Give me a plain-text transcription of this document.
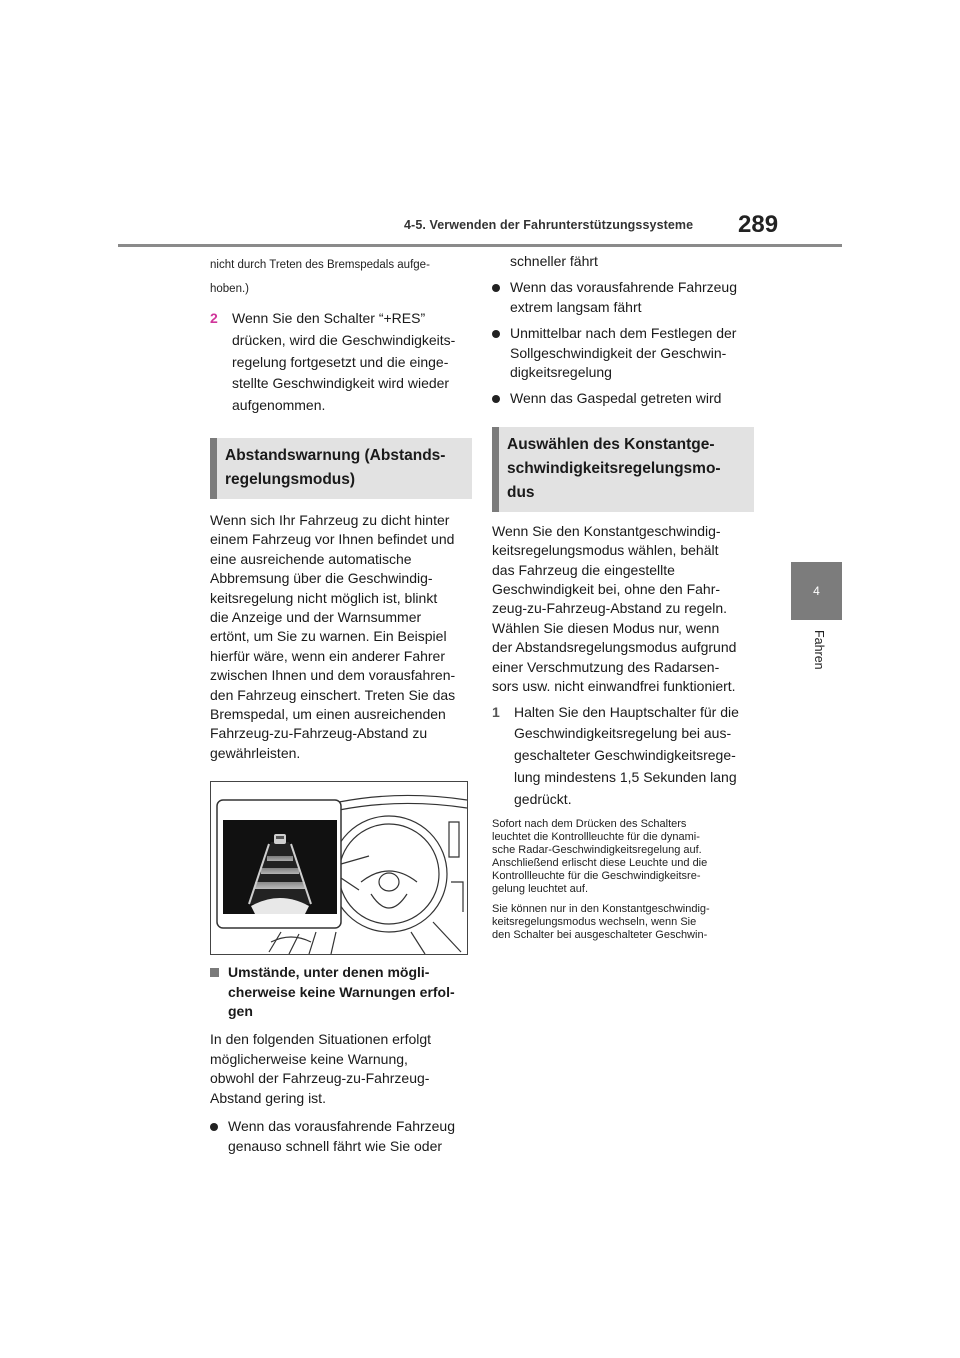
4-5. Verwenden der Fahrunterstützungssysteme 289
4
Fahren
nicht durch Treten des Bremspedals aufge-
hoben.)
2	Wenn Sie den Schalter “+RES”
drücken, wird die Geschwindigkeits-
regelung fortgesetzt und die einge-
stellte Geschwindigkeit wird wieder
aufgenommen.
Abstandswarnung (Abstands-
regelungsmodus)

Wenn sich Ihr Fahrzeug zu dicht hinter

einem Fahrzeug vor Ihnen befindet und

eine ausreichende automatische

Abbremsung über die Geschwindig-

keitsregelung nicht möglich ist, blinkt

die Anzeige und der Warnsummer

ertönt, um Sie zu warnen. Ein Beispiel

hierfür wäre, wenn ein anderer Fahrer

zwischen Ihnen und dem vorausfahren-

den Fahrzeug einschert. Treten Sie das

Bremspedal, um einen ausreichenden

Fahrzeug-zu-Fahrzeug-Abstand zu

gewährleisten.

Umstände, unter denen mögli-
cherweise keine Warnungen erfol-
gen

In den folgenden Situationen erfolgt

möglicherweise keine Warnung,

obwohl der Fahrzeug-zu-Fahrzeug-

Abstand gering ist.

Wenn das vorausfahrende Fahrzeug
genauso schnell fährt wie Sie oder
schneller fährt
Wenn das vorausfahrende Fahrzeug
extrem langsam fährt
Unmittelbar nach dem Festlegen der
Sollgeschwindigkeit der Geschwin-
digkeitsregelung
Wenn das Gaspedal getreten wird
Auswählen des Konstantge-
schwindigkeitsregelungsmo-
dus

Wenn Sie den Konstantgeschwindig-

keitsregelungsmodus wählen, behält

das Fahrzeug die eingestellte

Geschwindigkeit bei, ohne den Fahr-

zeug-zu-Fahrzeug-Abstand zu regeln.

Wählen Sie diesen Modus nur, wenn

der Abstandsregelungsmodus aufgrund

einer Verschmutzung des Radarsen-

sors usw. nicht einwandfrei funktioniert.

1	Halten Sie den Hauptschalter für die
Geschwindigkeitsregelung bei aus-
geschalteter Geschwindigkeitsrege-
lung mindestens 1,5 Sekunden lang
gedrückt.
Sofort nach dem Drücken des Schalters
leuchtet die Kontrollleuchte für die dynami-
sche Radar-Geschwindigkeitsregelung auf.
Anschließend erlischt diese Leuchte und die
Kontrollleuchte für die Geschwindigkeitsre-
gelung leuchtet auf.
Sie können nur in den Konstantgeschwindig-
keitsregelungsmodus wechseln, wenn Sie
den Schalter bei ausgeschalteter Geschwin-
